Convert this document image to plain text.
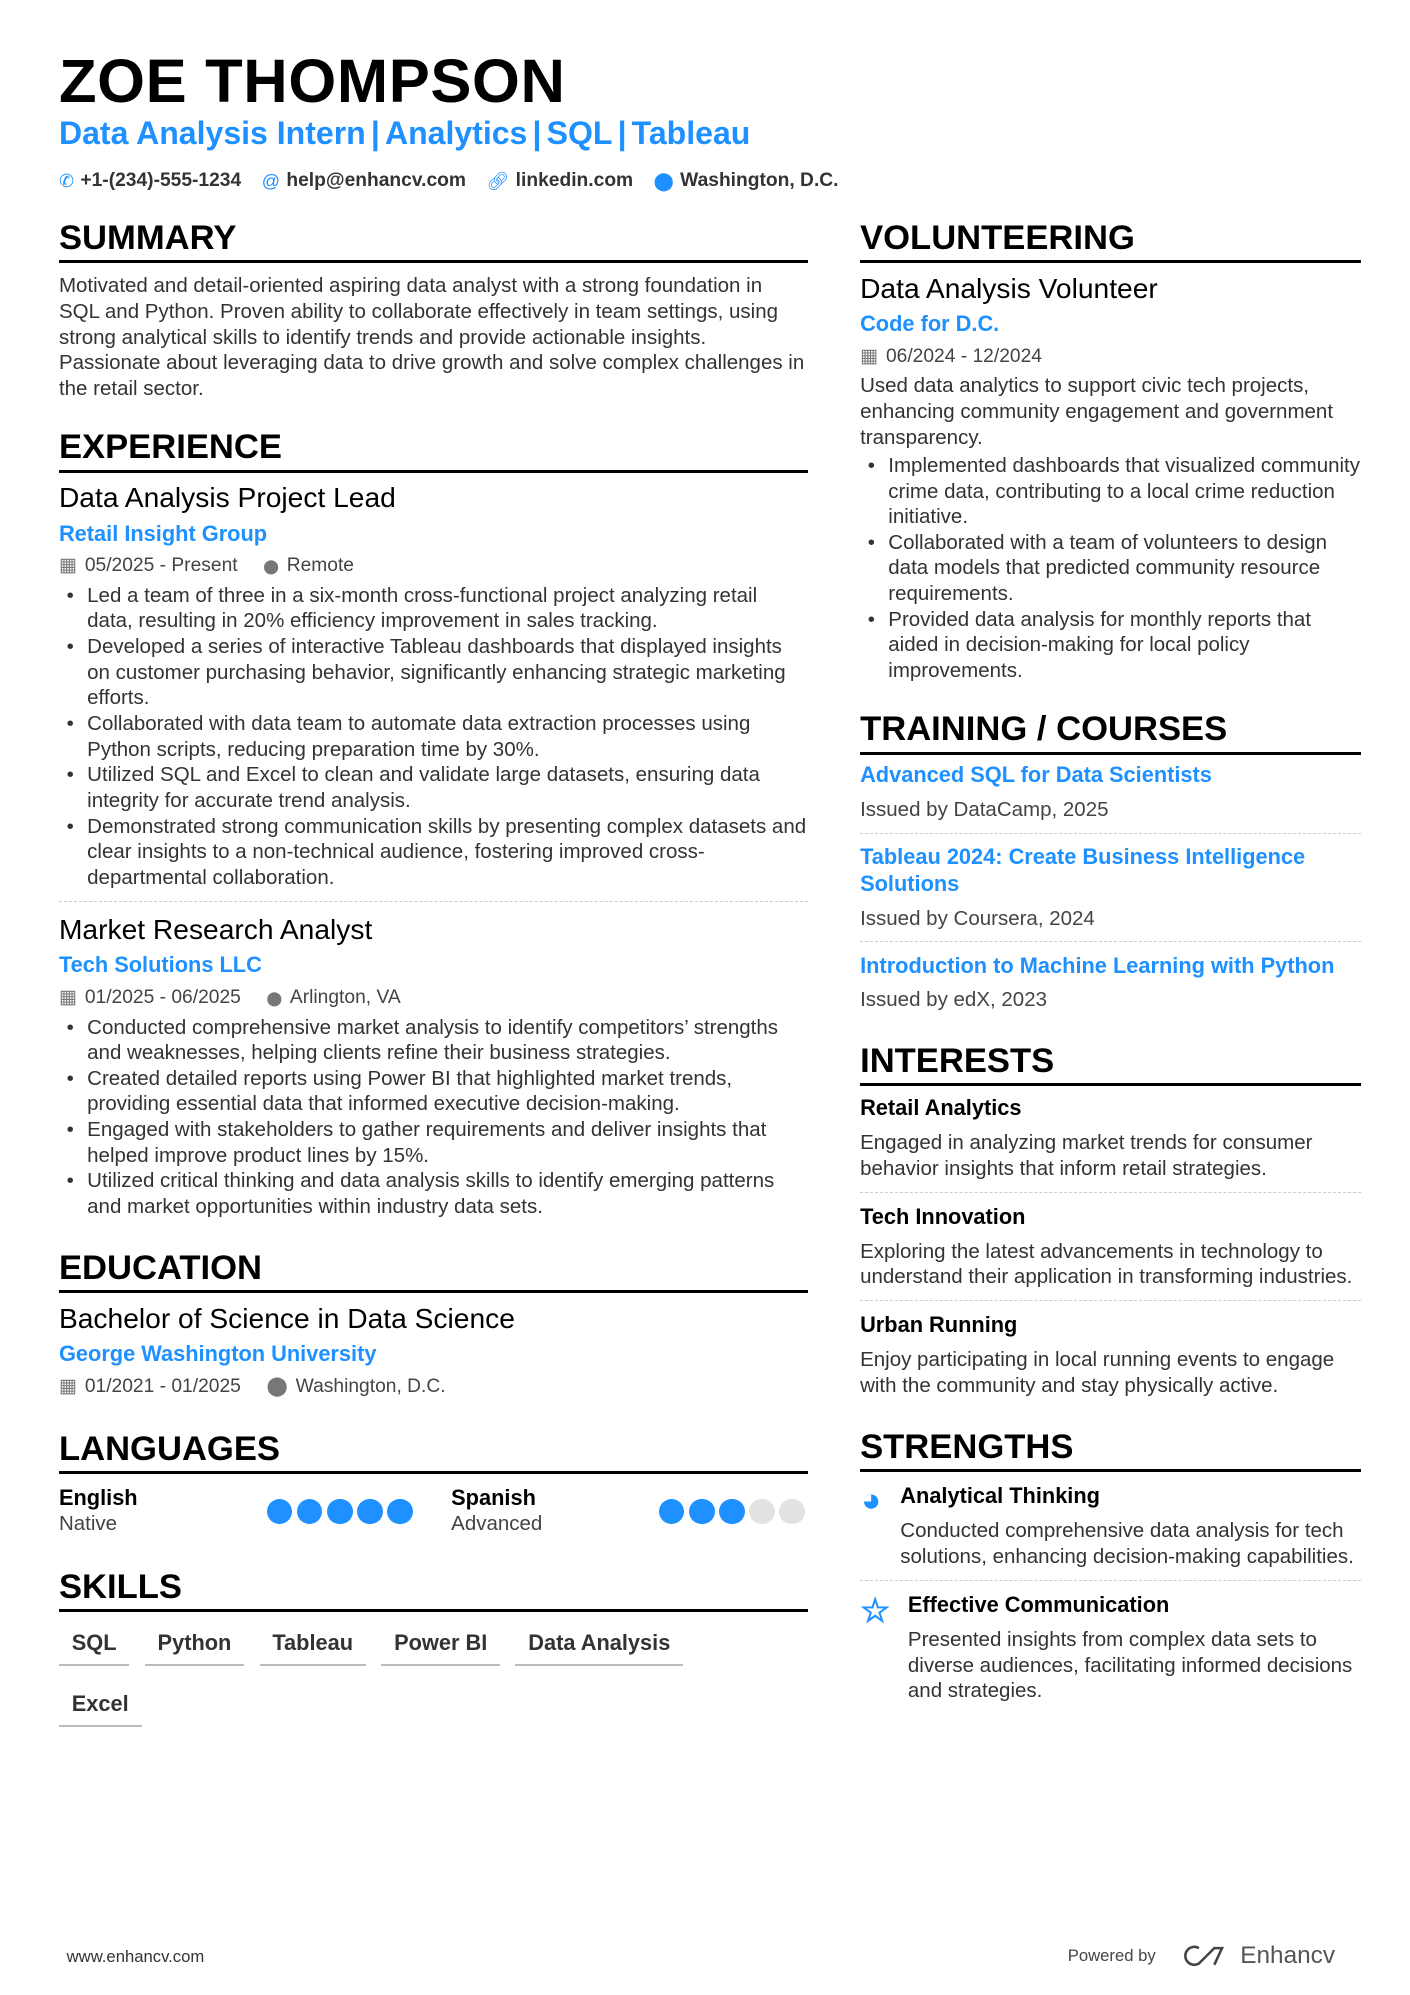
ZOE THOMPSON
Data Analysis Intern | Analytics | SQL | Tableau
✆ +1-(234)-555-1234 @ help@enhancv.com 🔗︎ linkedin.com ⬤ Washington, D.C.
SUMMARY

Motivated and detail-oriented aspiring data analyst with a strong foundation in SQL and Python. Proven ability to collaborate effectively in team settings, using strong analytical skills to identify trends and provide actionable insights. Passionate about leveraging data to drive growth and solve complex challenges in the retail sector.

EXPERIENCE
Data Analysis Project Lead
Retail Insight Group
▦ 05/2025 - Present ⬤ Remote
• Led a team of three in a six-month cross-functional project analyzing retail data, resulting in 20% efficiency improvement in sales tracking.
• Developed a series of interactive Tableau dashboards that displayed insights on customer purchasing behavior, significantly enhancing strategic marketing efforts.
• Collaborated with data team to automate data extraction processes using Python scripts, reducing preparation time by 30%.
• Utilized SQL and Excel to clean and validate large datasets, ensuring data integrity for accurate trend analysis.
• Demonstrated strong communication skills by presenting complex datasets and clear insights to a non-technical audience, fostering improved cross-departmental collaboration.
Market Research Analyst
Tech Solutions LLC
▦ 01/2025 - 06/2025 ⬤ Arlington, VA
• Conducted comprehensive market analysis to identify competitors’ strengths and weaknesses, helping clients refine their business strategies.
• Created detailed reports using Power BI that highlighted market trends, providing essential data that informed executive decision-making.
• Engaged with stakeholders to gather requirements and deliver insights that helped improve product lines by 15%.
• Utilized critical thinking and data analysis skills to identify emerging patterns and market opportunities within industry data sets.
EDUCATION
Bachelor of Science in Data Science
George Washington University
▦ 01/2021 - 01/2025 ⬤ Washington, D.C.
LANGUAGES
English
Native
Spanish
Advanced
SKILLS
SQL	Python	Tableau	Power BI	Data Analysis
Excel
VOLUNTEERING
Data Analysis Volunteer
Code for D.C.
▦ 06/2024 - 12/2024

Used data analytics to support civic tech projects, enhancing community engagement and government transparency.

• Implemented dashboards that visualized community crime data, contributing to a local crime reduction initiative.
• Collaborated with a team of volunteers to design data models that predicted community resource requirements.
• Provided data analysis for monthly reports that aided in decision-making for local policy improvements.
TRAINING / COURSES
Advanced SQL for Data Scientists
Issued by DataCamp, 2025
Tableau 2024: Create Business Intelligence Solutions
Issued by Coursera, 2024
Introduction to Machine Learning with Python
Issued by edX, 2023
INTERESTS
Retail Analytics

Engaged in analyzing market trends for consumer behavior insights that inform retail strategies.

Tech Innovation

Exploring the latest advancements in technology to understand their application in transforming industries.

Urban Running

Enjoy participating in local running events to engage with the community and stay physically active.

STRENGTHS
◕ Analytical Thinking

Conducted comprehensive data analysis for tech solutions, enhancing decision-making capabilities.

☆ Effective Communication

Presented insights from complex data sets to diverse audiences, facilitating informed decisions and strategies.

www.enhancv.com	Powered by	Enhancv
